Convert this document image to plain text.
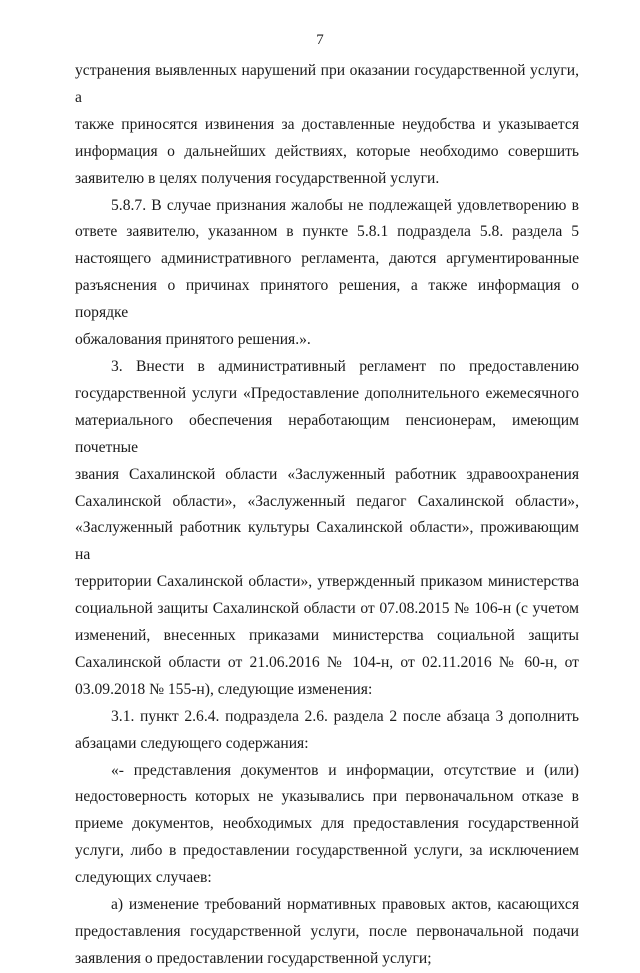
7
устранения выявленных нарушений при оказании государственной услуги, а
также приносятся извинения за доставленные неудобства и указывается
информация о дальнейших действиях, которые необходимо совершить
заявителю в целях получения государственной услуги.
5.8.7. В случае признания жалобы не подлежащей удовлетворению в
ответе заявителю, указанном в пункте 5.8.1 подраздела 5.8. раздела 5
настоящего административного регламента, даются аргументированные
разъяснения о причинах принятого решения, а также информация о порядке
обжалования принятого решения.».
3. Внести в административный регламент по предоставлению
государственной услуги «Предоставление дополнительного ежемесячного
материального обеспечения неработающим пенсионерам, имеющим почетные
звания Сахалинской области «Заслуженный работник здравоохранения
Сахалинской области», «Заслуженный педагог Сахалинской области»,
«Заслуженный работник культуры Сахалинской области», проживающим на
территории Сахалинской области», утвержденный приказом министерства
социальной защиты Сахалинской области от 07.08.2015 № 106-н (с учетом
изменений, внесенных приказами министерства социальной защиты
Сахалинской области от 21.06.2016 № 104-н, от 02.11.2016 № 60-н, от
03.09.2018 № 155-н), следующие изменения:
3.1. пункт 2.6.4. подраздела 2.6. раздела 2 после абзаца 3 дополнить
абзацами следующего содержания:
«- представления документов и информации, отсутствие и (или)
недостоверность которых не указывались при первоначальном отказе в
приеме документов, необходимых для предоставления государственной
услуги, либо в предоставлении государственной услуги, за исключением
следующих случаев:
а) изменение требований нормативных правовых актов, касающихся
предоставления государственной услуги, после первоначальной подачи
заявления о предоставлении государственной услуги;
